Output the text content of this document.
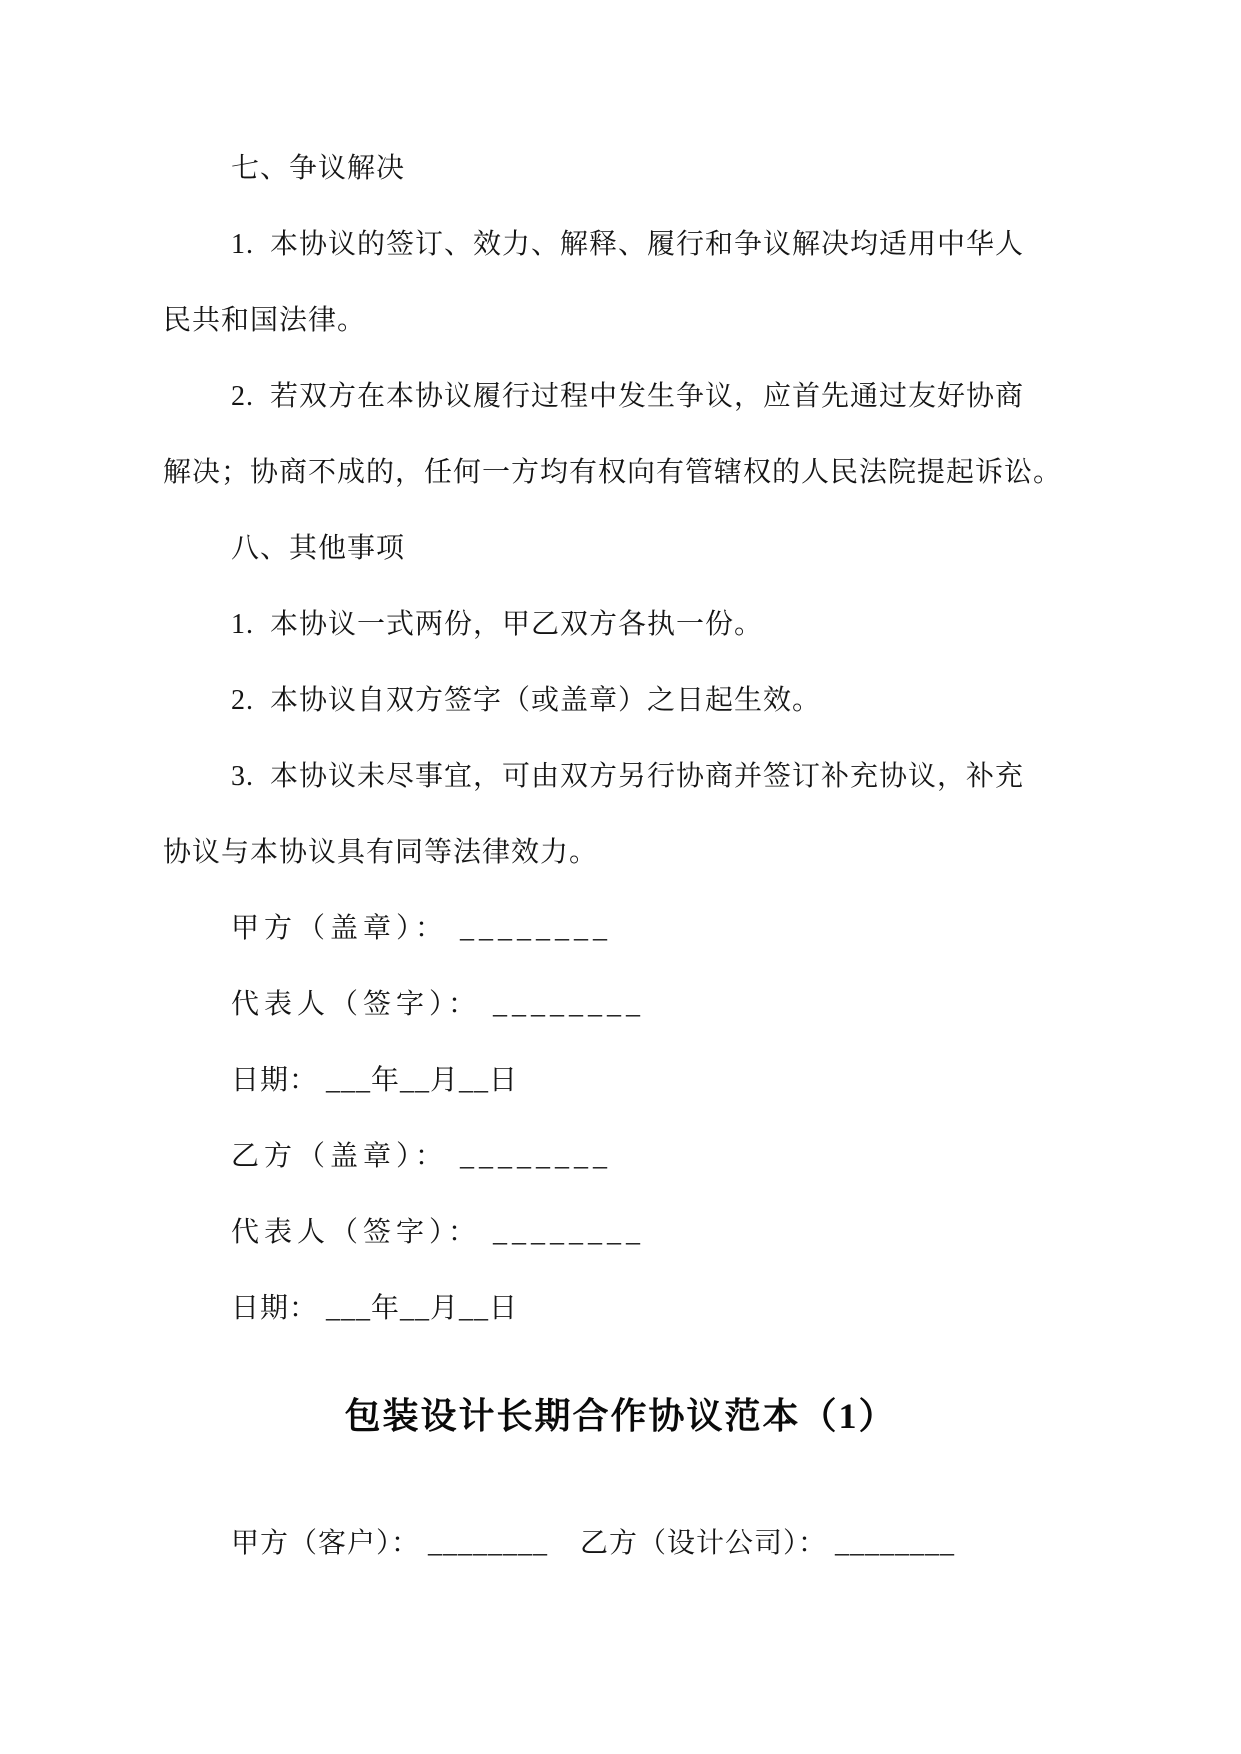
七、争议解决
1.  本协议的签订、效力、解释、履行和争议解决均适用中华人
民共和国法律。
2.  若双方在本协议履行过程中发生争议，应首先通过友好协商
解决；协商不成的，任何一方均有权向有管辖权的人民法院提起诉讼。
八、其他事项
1.  本协议一式两份，甲乙双方各执一份。
2.  本协议自双方签字（或盖章）之日起生效。
3.  本协议未尽事宜，可由双方另行协商并签订补充协议，补充
协议与本协议具有同等法律效力。
甲方（盖章）： ________
代表人（签字）： ________
日期： ___年__月__日
乙方（盖章）： ________
代表人（签字）： ________
日期： ___年__月__日
包装设计长期合作协议范本（1）
甲方（客户）： ________    乙方（设计公司）： ________
